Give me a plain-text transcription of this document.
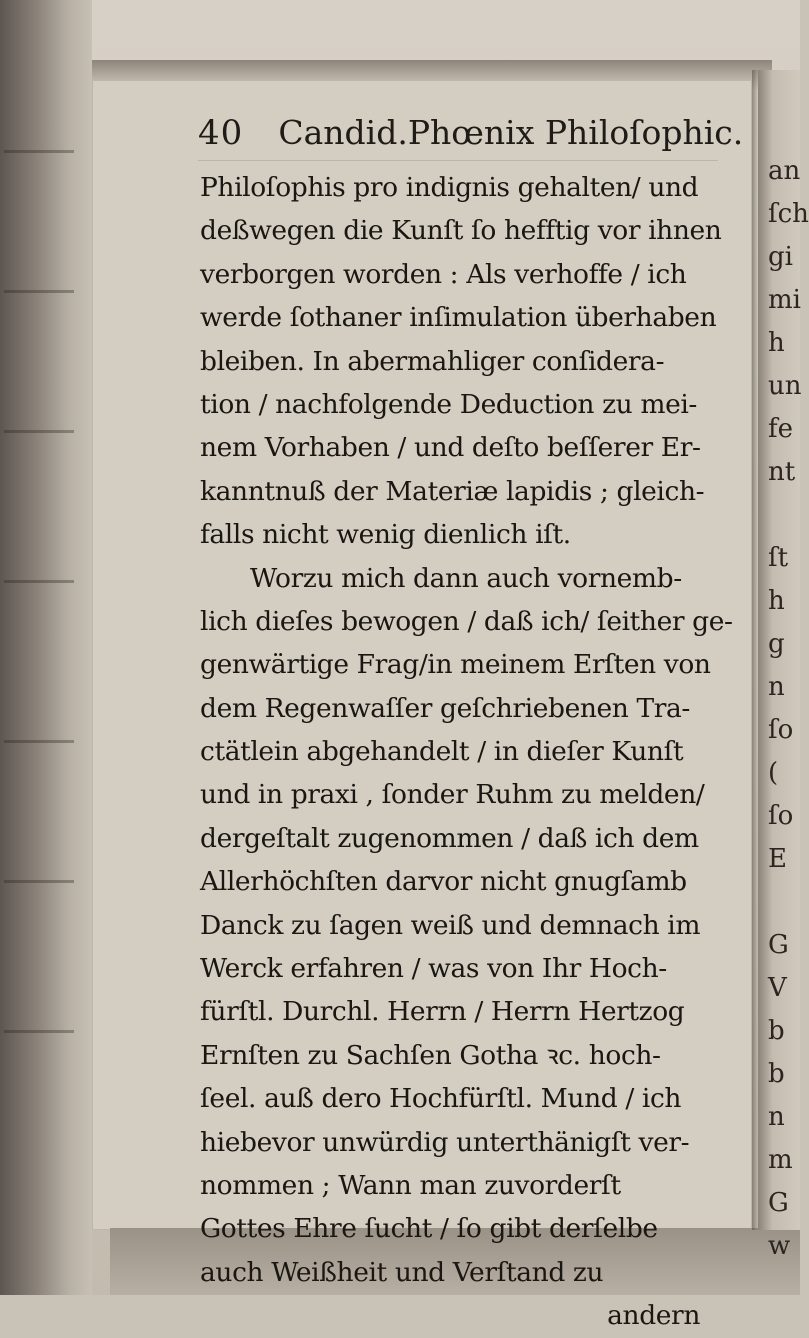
an
ſch
gi
mi
h
un
fe
nt
ſt
h
g
n
ſo
(
ſo
E
G
V
b
b
n
m
G
w
40 Candid.Phœnix Philoſophic.
Philoſophis pro indignis gehalten/ und
deßwegen die Kunſt ſo hefftig vor ihnen
verborgen worden : Als verhoffe / ich
werde ſothaner inſimulation überhaben
bleiben. In abermahliger conſidera-
tion / nachfolgende Deduction zu mei-
nem Vorhaben / und deſto beſſerer Er-
kanntnuß der Materiæ lapidis ; gleich-
falls nicht wenig dienlich iſt.
Worzu mich dann auch vornemb-
lich dieſes bewogen / daß ich/ ſeither ge-
genwärtige Frag/in meinem Erſten von
dem Regenwaſſer geſchriebenen Tra-
ctätlein abgehandelt / in dieſer Kunſt
und in praxi , ſonder Ruhm zu melden/
dergeſtalt zugenommen / daß ich dem
Allerhöchſten darvor nicht gnugſamb
Danck zu ſagen weiß und demnach im
Werck erfahren / was von Ihr Hoch-
fürſtl. Durchl. Herrn / Herrn Hertzog
Ernſten zu Sachſen Gotha ꝛc. hoch-
ſeel. auß dero Hochfürſtl. Mund / ich
hiebevor unwürdig unterthänigſt ver-
nommen ; Wann man zuvorderſt
Gottes Ehre ſucht / ſo gibt derſelbe
auch Weißheit und Verſtand zu
andern
